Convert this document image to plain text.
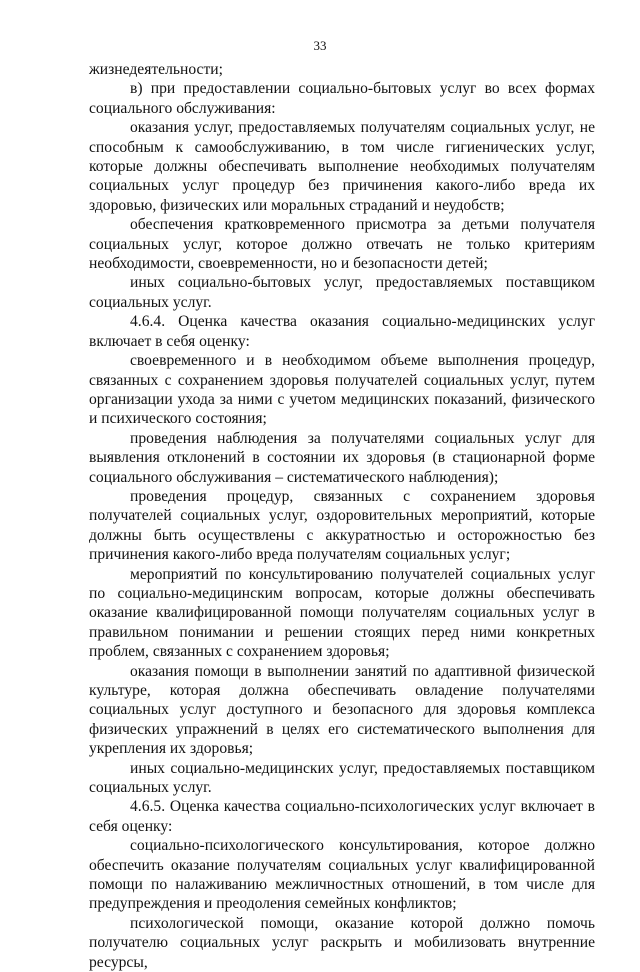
33

жизнедеятельности;

в) при предоставлении социально-бытовых услуг во всех формах социального обслуживания:

оказания услуг, предоставляемых получателям социальных услуг, не способным к самообслуживанию, в том числе гигиенических услуг, которые должны обеспечивать выполнение необходимых получателям социальных услуг процедур без причинения какого-либо вреда их здоровью, физических или моральных страданий и неудобств;

обеспечения кратковременного присмотра за детьми получателя социальных услуг, которое должно отвечать не только критериям необходимости, своевременности, но и безопасности детей;

иных социально-бытовых услуг, предоставляемых поставщиком социальных услуг.

4.6.4. Оценка качества оказания социально-медицинских услуг включает в себя оценку:

своевременного и в необходимом объеме выполнения процедур, связанных с сохранением здоровья получателей социальных услуг, путем организации ухода за ними с учетом медицинских показаний, физического и психического состояния;

проведения наблюдения за получателями социальных услуг для выявления отклонений в состоянии их здоровья (в стационарной форме социального обслуживания – систематического наблюдения);

проведения процедур, связанных с сохранением здоровья получателей социальных услуг, оздоровительных мероприятий, которые должны быть осуществлены с аккуратностью и осторожностью без причинения какого-либо вреда получателям социальных услуг;

мероприятий по консультированию получателей социальных услуг по социально-медицинским вопросам, которые должны обеспечивать оказание квалифицированной помощи получателям социальных услуг в правильном понимании и решении стоящих перед ними конкретных проблем, связанных с сохранением здоровья;

оказания помощи в выполнении занятий по адаптивной физической культуре, которая должна обеспечивать овладение получателями социальных услуг доступного и безопасного для здоровья комплекса физических упражнений в целях его систематического выполнения для укрепления их здоровья;

иных социально-медицинских услуг, предоставляемых поставщиком социальных услуг.

4.6.5. Оценка качества социально-психологических услуг включает в себя оценку:

социально-психологического консультирования, которое должно обеспечить оказание получателям социальных услуг квалифицированной помощи по налаживанию межличностных отношений, в том числе для предупреждения и преодоления семейных конфликтов;

психологической помощи, оказание которой должно помочь получателю социальных услуг раскрыть и мобилизовать внутренние ресурсы,
